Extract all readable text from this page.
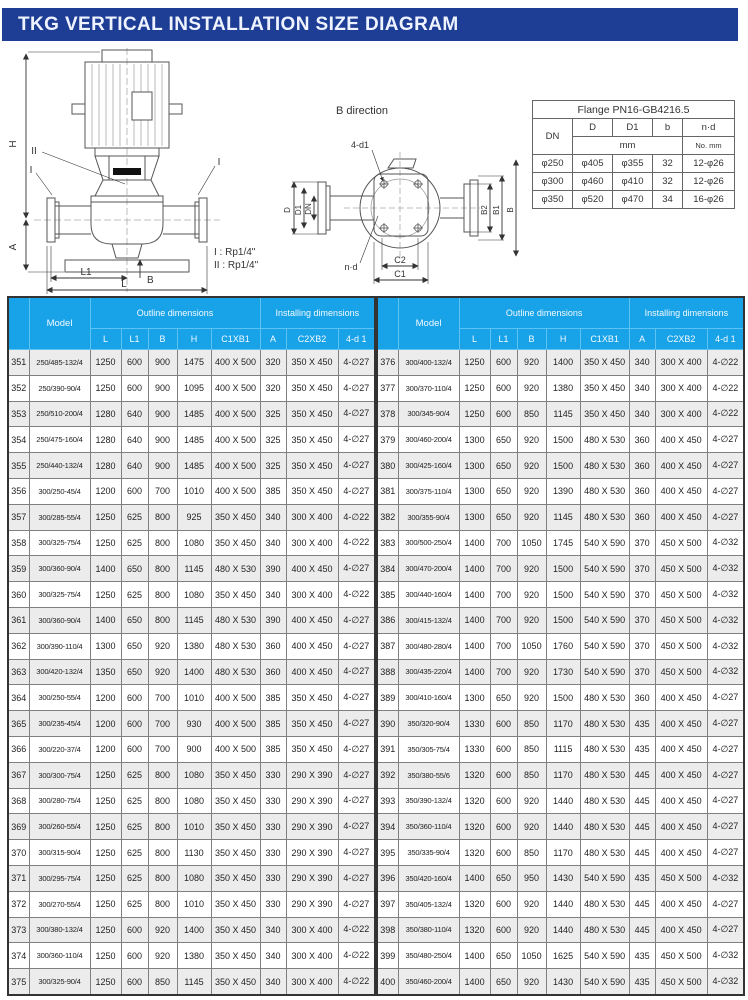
TKG VERTICAL INSTALLATION SIZE DIAGRAM
H
A
L1
L B
II
I
I
B direction
4-d1
D D1 DN
n·d
C2
C1
B2 B1 B
I : Rp1/4"
II : Rp1/4"
Flange PN16-GB4216.5				
DN	D	D1	b	n·d
	mm			No. mm
φ250	φ405	φ355	32	12-φ26
φ300	φ460	φ410	32	12-φ26
φ350	φ520	φ470	34	16-φ26
	Model	Outline dimensions					Installing dimensions		
		L	L1	B	H	C1XB1	A	C2XB2	4-d 1
351	250/485-132/4	1250	600	900	1475	400 X 500	320	350 X 450	4-∅27
352	250/390-90/4	1250	600	900	1095	400 X 500	320	350 X 450	4-∅27
353	250/510-200/4	1280	640	900	1485	400 X 500	325	350 X 450	4-∅27
354	250/475-160/4	1280	640	900	1485	400 X 500	325	350 X 450	4-∅27
355	250/440-132/4	1280	640	900	1485	400 X 500	325	350 X 450	4-∅27
356	300/250-45/4	1200	600	700	1010	400 X 500	385	350 X 450	4-∅27
357	300/285-55/4	1250	625	800	925	350 X 450	340	300 X 400	4-∅22
358	300/325-75/4	1250	625	800	1080	350 X 450	340	300 X 400	4-∅22
359	300/360-90/4	1400	650	800	1145	480 X 530	390	400 X 450	4-∅27
360	300/325-75/4	1250	625	800	1080	350 X 450	340	300 X 400	4-∅22
361	300/360-90/4	1400	650	800	1145	480 X 530	390	400 X 450	4-∅27
362	300/390-110/4	1300	650	920	1380	480 X 530	360	400 X 450	4-∅27
363	300/420-132/4	1350	650	920	1400	480 X 530	360	400 X 450	4-∅27
364	300/250-55/4	1200	600	700	1010	400 X 500	385	350 X 450	4-∅27
365	300/235-45/4	1200	600	700	930	400 X 500	385	350 X 450	4-∅27
366	300/220-37/4	1200	600	700	900	400 X 500	385	350 X 450	4-∅27
367	300/300-75/4	1250	625	800	1080	350 X 450	330	290 X 390	4-∅27
368	300/280-75/4	1250	625	800	1080	350 X 450	330	290 X 390	4-∅27
369	300/260-55/4	1250	625	800	1010	350 X 450	330	290 X 390	4-∅27
370	300/315-90/4	1250	625	800	1130	350 X 450	330	290 X 390	4-∅27
371	300/295-75/4	1250	625	800	1080	350 X 450	330	290 X 390	4-∅27
372	300/270-55/4	1250	625	800	1010	350 X 450	330	290 X 390	4-∅27
373	300/380-132/4	1250	600	920	1400	350 X 450	340	300 X 400	4-∅22
374	300/360-110/4	1250	600	920	1380	350 X 450	340	300 X 400	4-∅22
375	300/325-90/4	1250	600	850	1145	350 X 450	340	300 X 400	4-∅22
	Model	Outline dimensions					Installing dimensions		
		L	L1	B	H	C1XB1	A	C2XB2	4-d 1
376	300/400-132/4	1250	600	920	1400	350 X 450	340	300 X 400	4-∅22
377	300/370-110/4	1250	600	920	1380	350 X 450	340	300 X 400	4-∅22
378	300/345-90/4	1250	600	850	1145	350 X 450	340	300 X 400	4-∅22
379	300/460-200/4	1300	650	920	1500	480 X 530	360	400 X 450	4-∅27
380	300/425-160/4	1300	650	920	1500	480 X 530	360	400 X 450	4-∅27
381	300/375-110/4	1300	650	920	1390	480 X 530	360	400 X 450	4-∅27
382	300/355-90/4	1300	650	920	1145	480 X 530	360	400 X 450	4-∅27
383	300/500-250/4	1400	700	1050	1745	540 X 590	370	450 X 500	4-∅32
384	300/470-200/4	1400	700	920	1500	540 X 590	370	450 X 500	4-∅32
385	300/440-160/4	1400	700	920	1500	540 X 590	370	450 X 500	4-∅32
386	300/415-132/4	1400	700	920	1500	540 X 590	370	450 X 500	4-∅32
387	300/480-280/4	1400	700	1050	1760	540 X 590	370	450 X 500	4-∅32
388	300/435-220/4	1400	700	920	1730	540 X 590	370	450 X 500	4-∅32
389	300/410-160/4	1300	650	920	1500	480 X 530	360	400 X 450	4-∅27
390	350/320-90/4	1330	600	850	1170	480 X 530	435	400 X 450	4-∅27
391	350/305-75/4	1330	600	850	1115	480 X 530	435	400 X 450	4-∅27
392	350/380-55/6	1320	600	850	1170	480 X 530	445	400 X 450	4-∅27
393	350/390-132/4	1320	600	920	1440	480 X 530	445	400 X 450	4-∅27
394	350/360-110/4	1320	600	920	1440	480 X 530	445	400 X 450	4-∅27
395	350/335-90/4	1320	600	850	1170	480 X 530	445	400 X 450	4-∅27
396	350/420-160/4	1400	650	950	1430	540 X 590	435	450 X 500	4-∅32
397	350/405-132/4	1320	600	920	1440	480 X 530	445	400 X 450	4-∅27
398	350/380-110/4	1320	600	920	1440	480 X 530	445	400 X 450	4-∅27
399	350/480-250/4	1400	650	1050	1625	540 X 590	435	450 X 500	4-∅32
400	350/460-200/4	1400	650	920	1430	540 X 590	435	450 X 500	4-∅32
